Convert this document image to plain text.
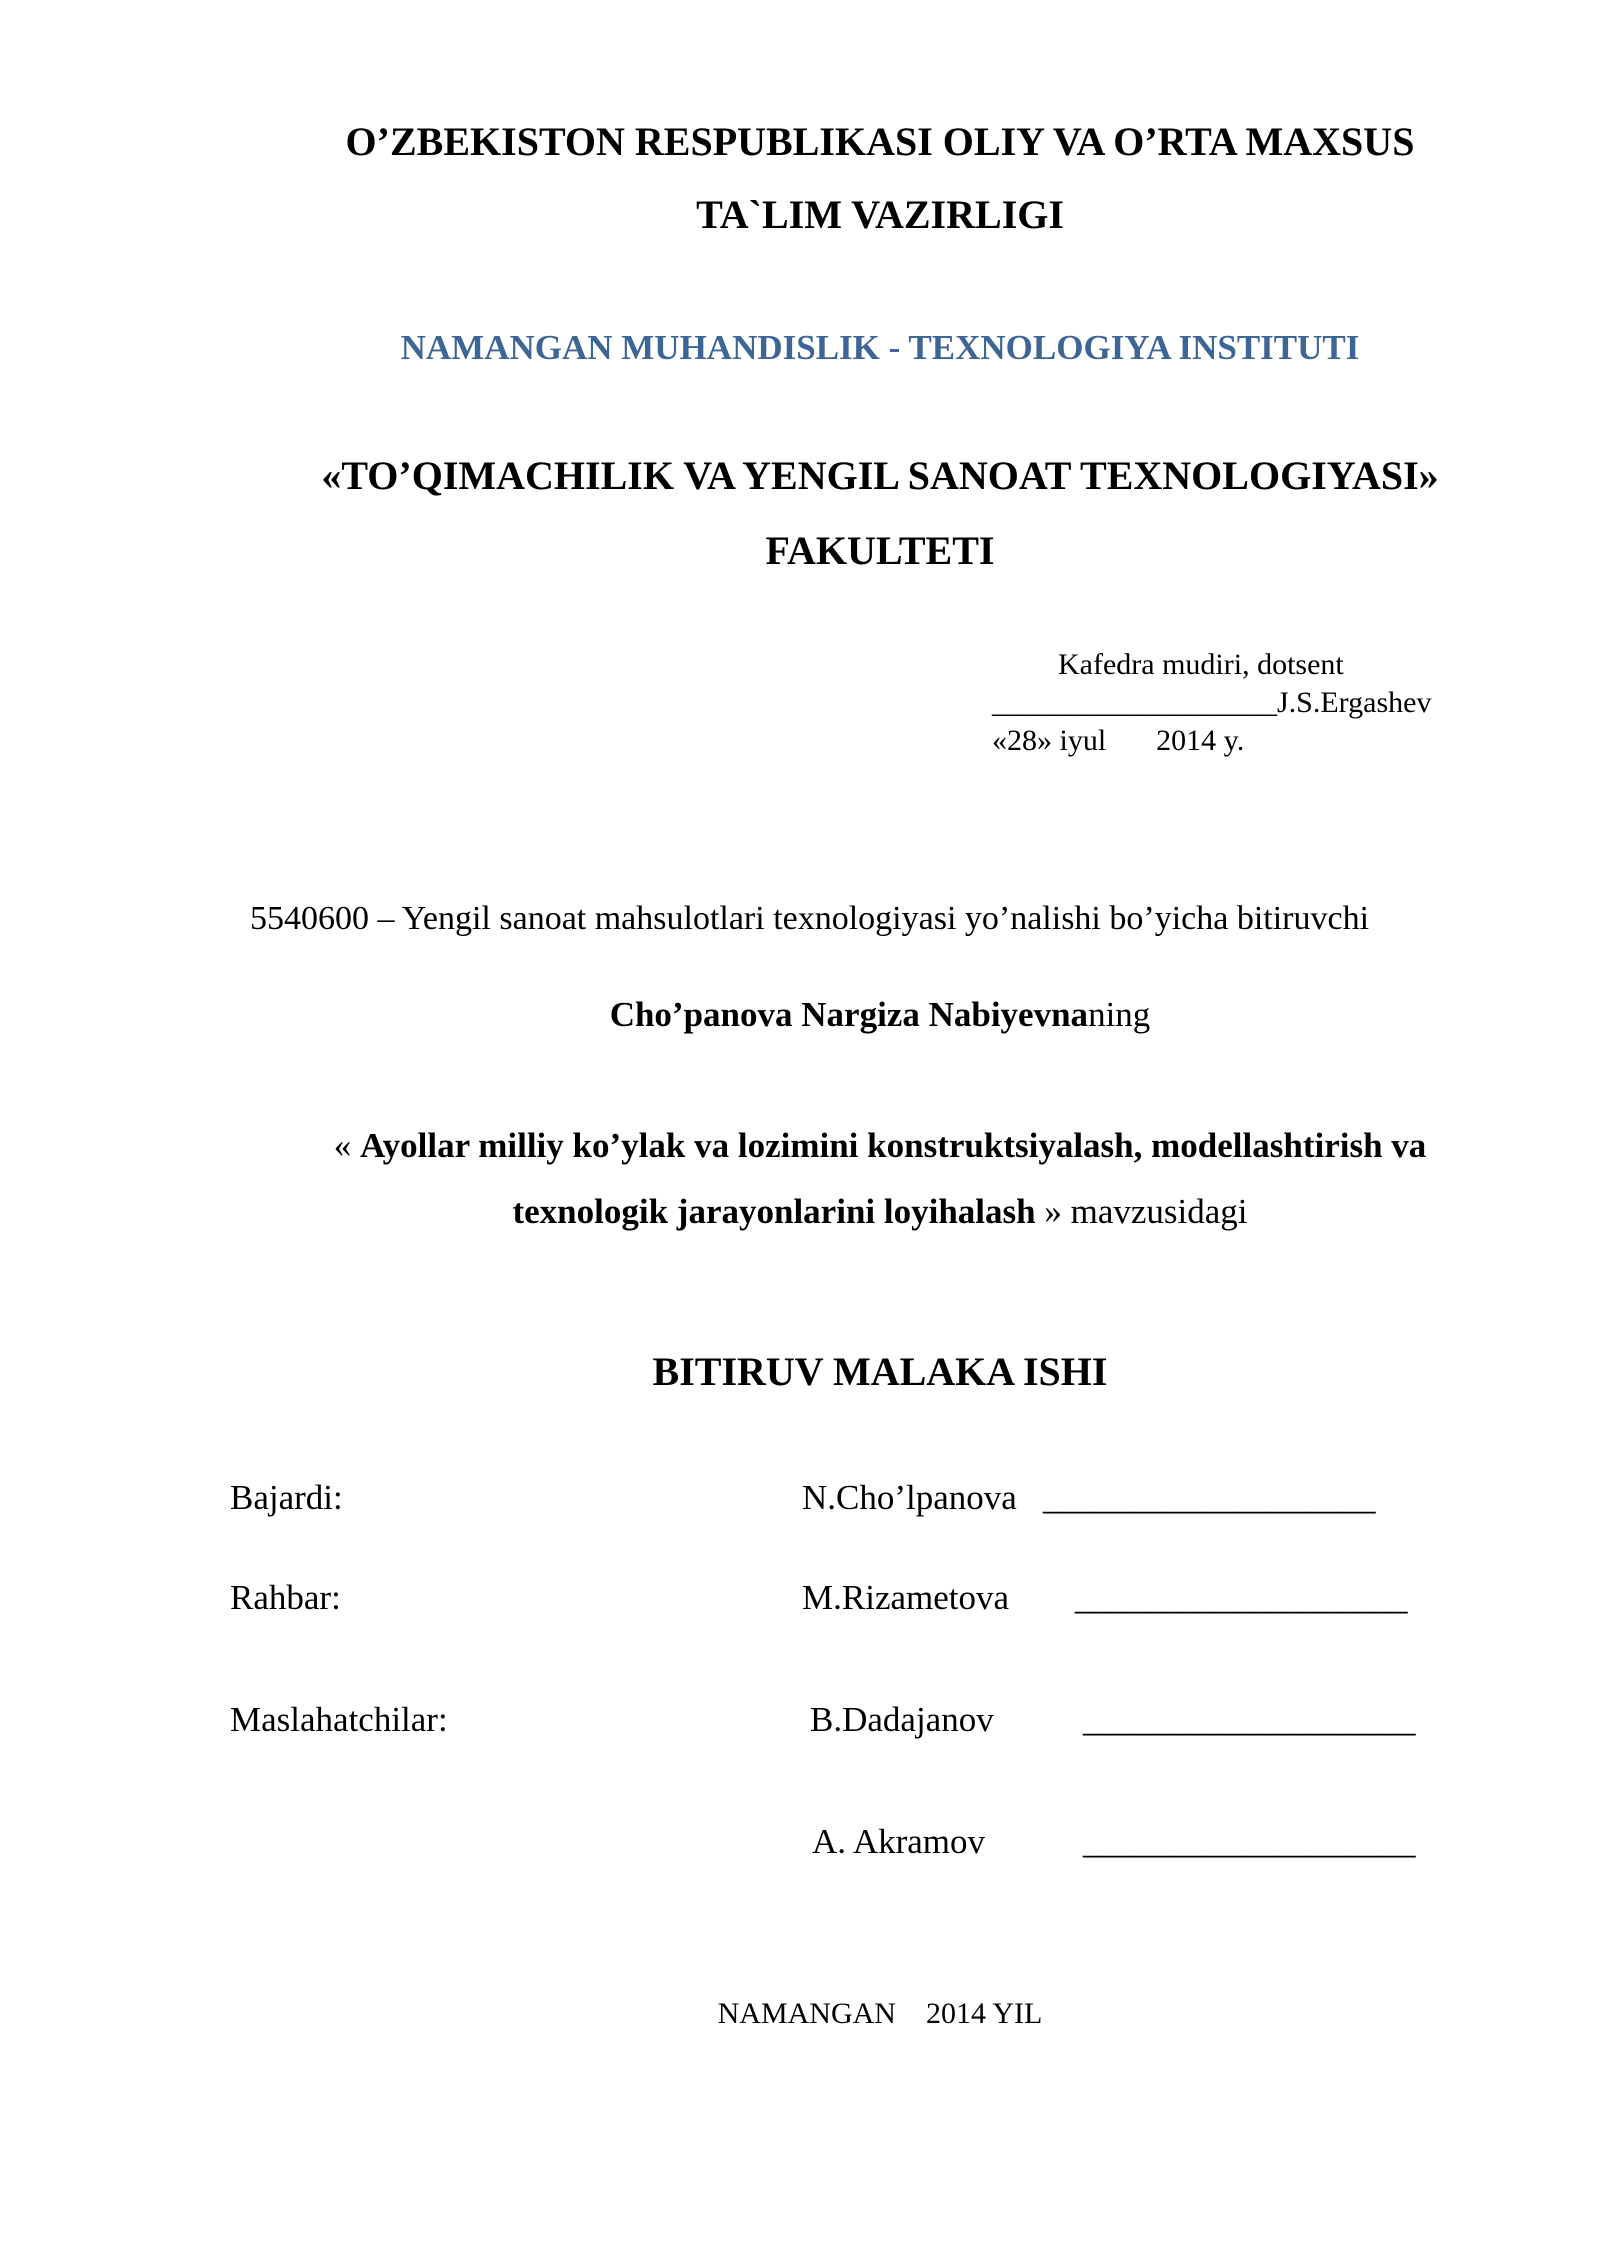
O’ZBEKISTON RESPUBLIKASI OLIY VA O’RTA MAXSUS
TA`LIM VAZIRLIGI
NAMANGAN MUHANDISLIK - TEXNOLOGIYA INSTITUTI
«TO’QIMACHILIK VA YENGIL SANOAT TEXNOLOGIYASI»
FAKULTETI
Kafedra mudiri, dotsent
___________________J.S.Ergashev
«28» iyul 2014 y.
5540600 – Yengil sanoat mahsulotlari texnologiyasi yo’nalishi bo’yicha bitiruvchi
Cho’panova Nargiza Nabiyevnaning
« Ayollar milliy ko’ylak va lozimini konstruktsiyalash, modellashtirish va
texnologik jarayonlarini loyihalash » mavzusidagi
BITIRUV MALAKA ISHI
Bajardi:	N.Cho’lpanova ___________________
Rahbar:	M.Rizametova ___________________
Maslahatchilar:	B.Dadajanov	___________________
A. Akramov	___________________
NAMANGAN 2014 YIL
